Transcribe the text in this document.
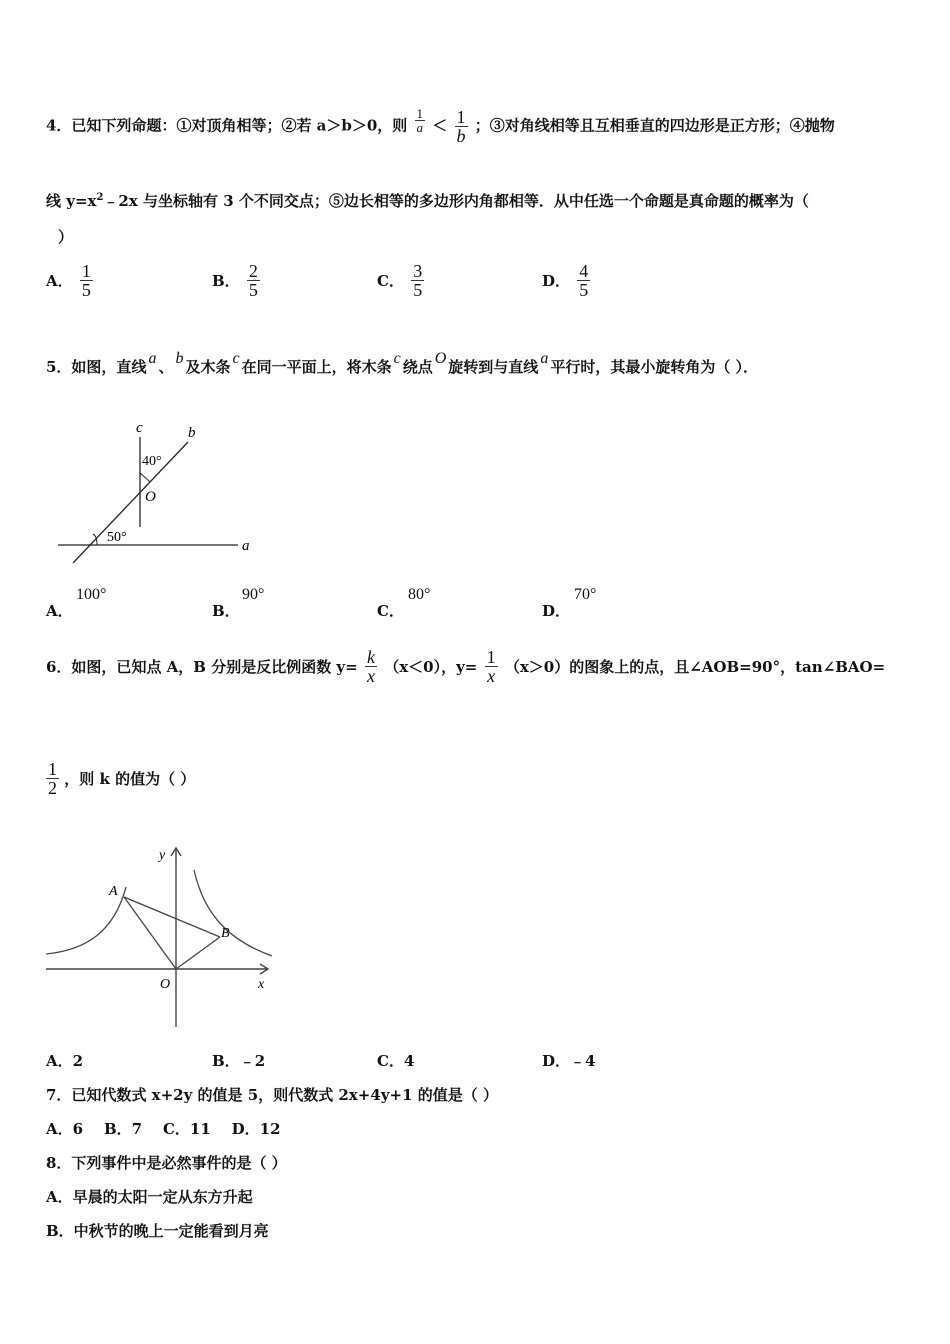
4．已知下列命题：①对顶角相等；②若 a＞b＞0，则 $\frac{1}{a} < \frac{1}{b}$ ；③对角线相等且互相垂直的四边形是正方形；④抛物
线 $y=x^2﹣2x$ 与坐标轴有 3 个不同交点；⑤边长相等的多边形内角都相等．从中任选一个命题是真命题的概率为（
）
A． $\frac{1}{5}$	B． $\frac{2}{5}$	C． $\frac{3}{5}$	D． $\frac{4}{5}$
5．如图，直线 a 、 b 及木条 c 在同一平面上，将木条 c 绕点 O 旋转到与直线 a 平行时，其最小旋转角为（ ）．
c	b
40°
O
50°
a
A．
100°
B．
90°
C．
80°
D．
70°
6．如图，已知点 A，B 分别是反比例函数 $y= \frac{k}{x} (x<0)$，$y= \frac{1}{x} (x>0)$的图象上的点，且∠AOB=90°，tan∠BAO=
$\frac{1}{2}$ ，则 k 的值为（ ）
y
A
B
O	x
A．2	B．﹣2	C．4	D．﹣4
7．已知代数式 x+2y 的值是 5，则代数式 2x+4y+1 的值是（ ）
A．6    B．7    C．11    D．12
8．下列事件中是必然事件的是（ ）
A．早晨的太阳一定从东方升起
B．中秋节的晚上一定能看到月亮
